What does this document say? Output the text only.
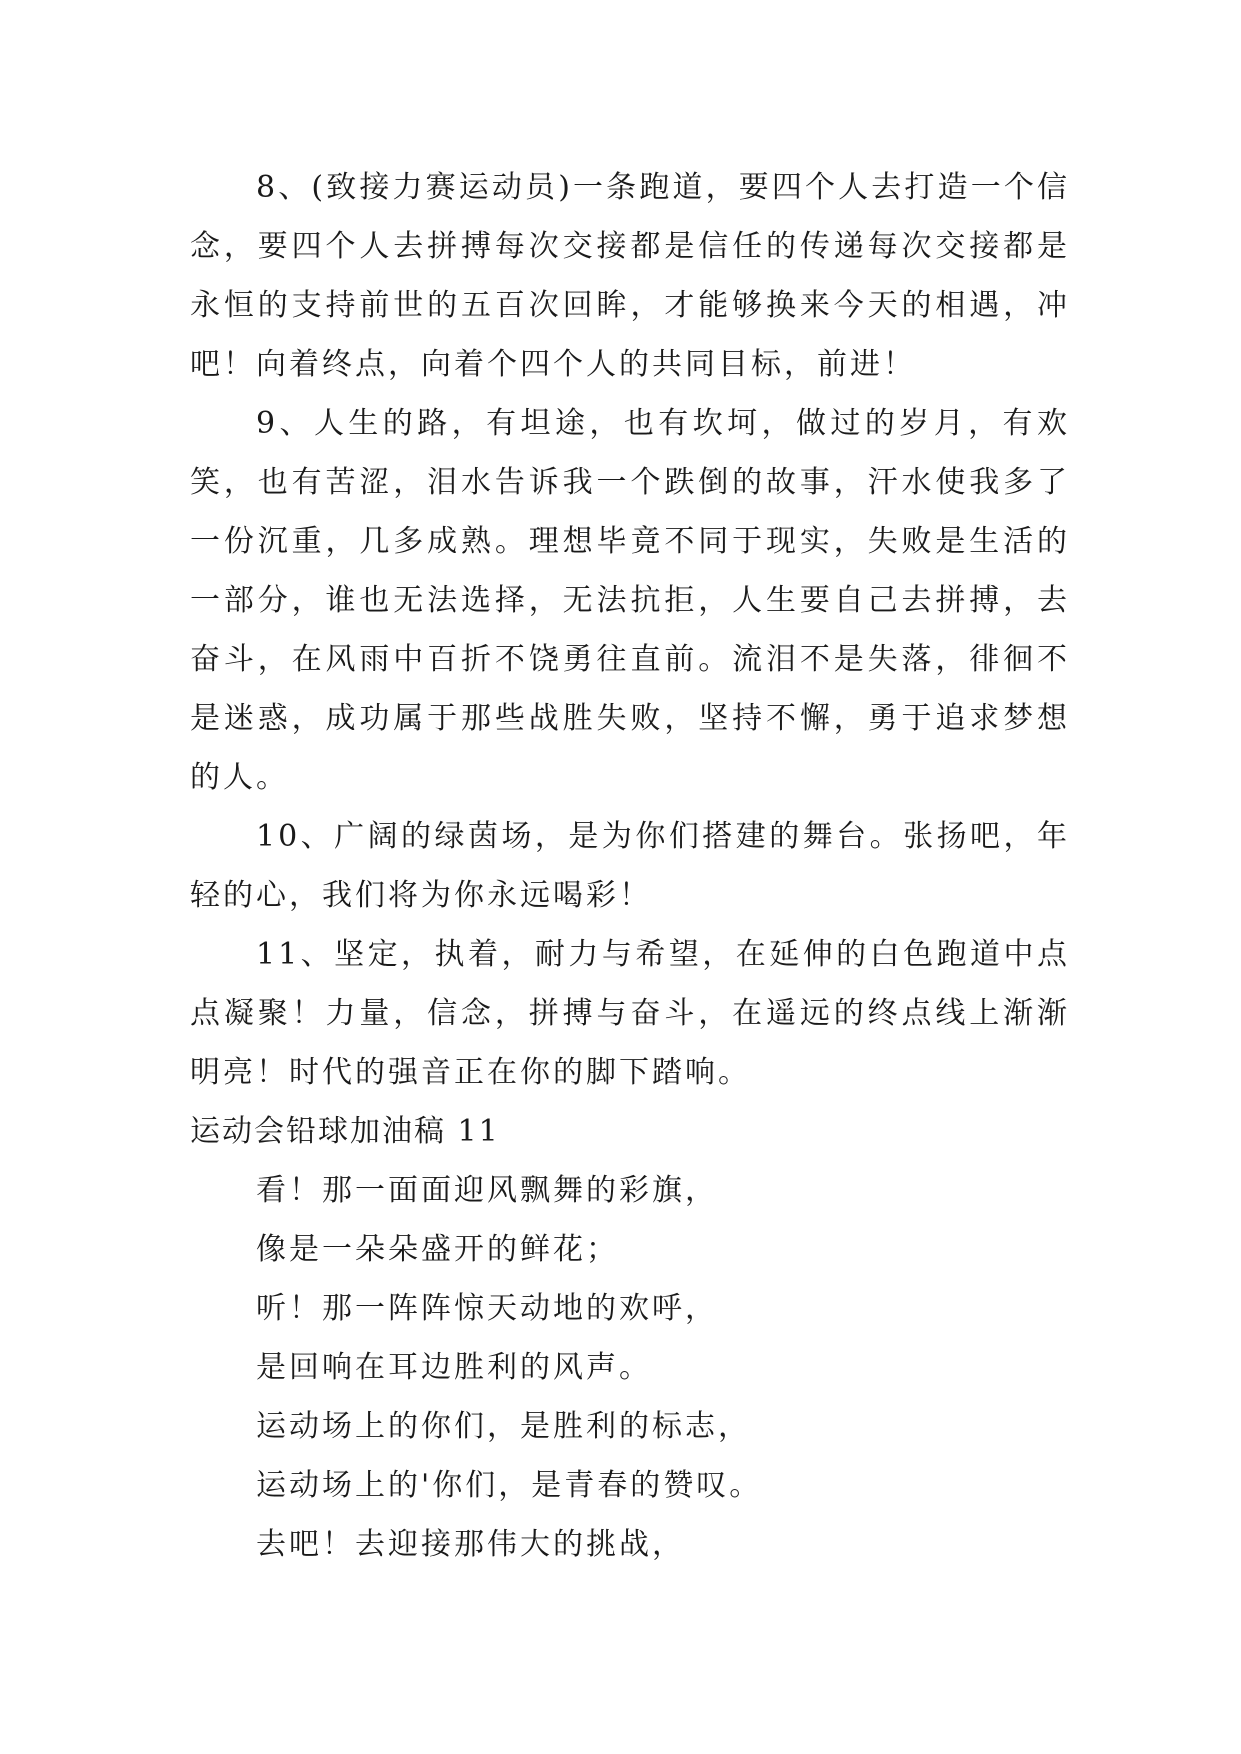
8、(致接力赛运动员)一条跑道，要四个人去打造一个信念，要四个人去拼搏每次交接都是信任的传递每次交接都是永恒的支持前世的五百次回眸，才能够换来今天的相遇，冲吧！向着终点，向着个四个人的共同目标，前进！

9、人生的路，有坦途，也有坎坷，做过的岁月，有欢笑，也有苦涩，泪水告诉我一个跌倒的故事，汗水使我多了一份沉重，几多成熟。理想毕竟不同于现实，失败是生活的一部分，谁也无法选择，无法抗拒，人生要自己去拼搏，去奋斗，在风雨中百折不饶勇往直前。流泪不是失落，徘徊不是迷惑，成功属于那些战胜失败，坚持不懈，勇于追求梦想的人。

10、广阔的绿茵场，是为你们搭建的舞台。张扬吧，年轻的心，我们将为你永远喝彩！

11、坚定，执着，耐力与希望，在延伸的白色跑道中点点凝聚！力量，信念，拼搏与奋斗，在遥远的终点线上渐渐明亮！时代的强音正在你的脚下踏响。

运动会铅球加油稿 11

看！那一面面迎风飘舞的彩旗，

像是一朵朵盛开的鲜花；

听！那一阵阵惊天动地的欢呼，

是回响在耳边胜利的风声。

运动场上的你们，是胜利的标志，

运动场上的'你们，是青春的赞叹。

去吧！去迎接那伟大的挑战，
